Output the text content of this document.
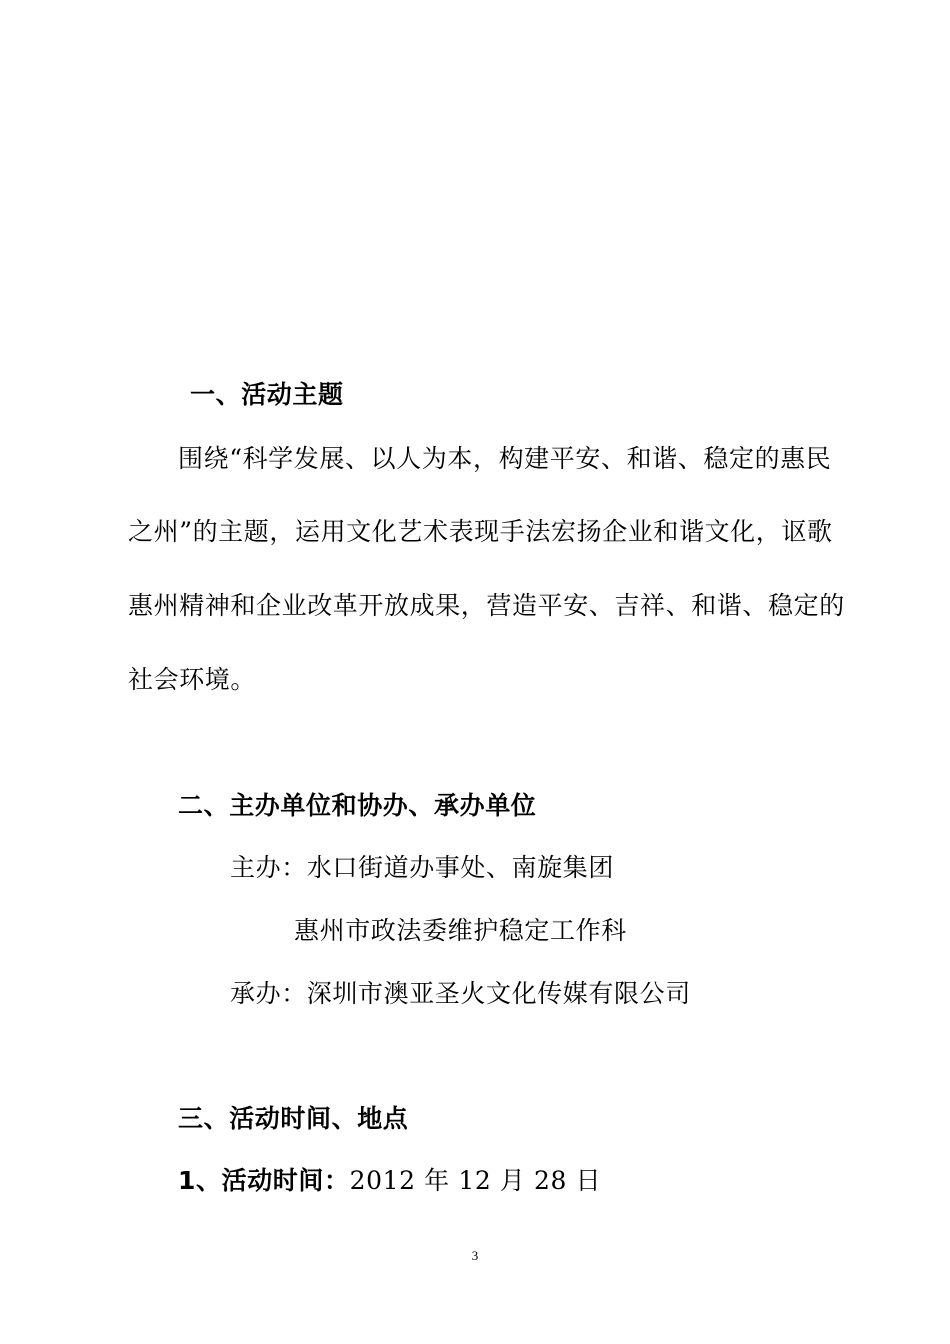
一、活动主题
围绕“科学发展、以人为本，构建平安、和谐、稳定的惠民
之州”的主题，运用文化艺术表现手法宏扬企业和谐文化，讴歌
惠州精神和企业改革开放成果，营造平安、吉祥、和谐、稳定的
社会环境。
二、主办单位和协办、承办单位
主办：水口街道办事处、南旋集团
惠州市政法委维护稳定工作科
承办：深圳市澳亚圣火文化传媒有限公司
三、活动时间、地点
1、活动时间：2012 年 12 月 28 日
3
